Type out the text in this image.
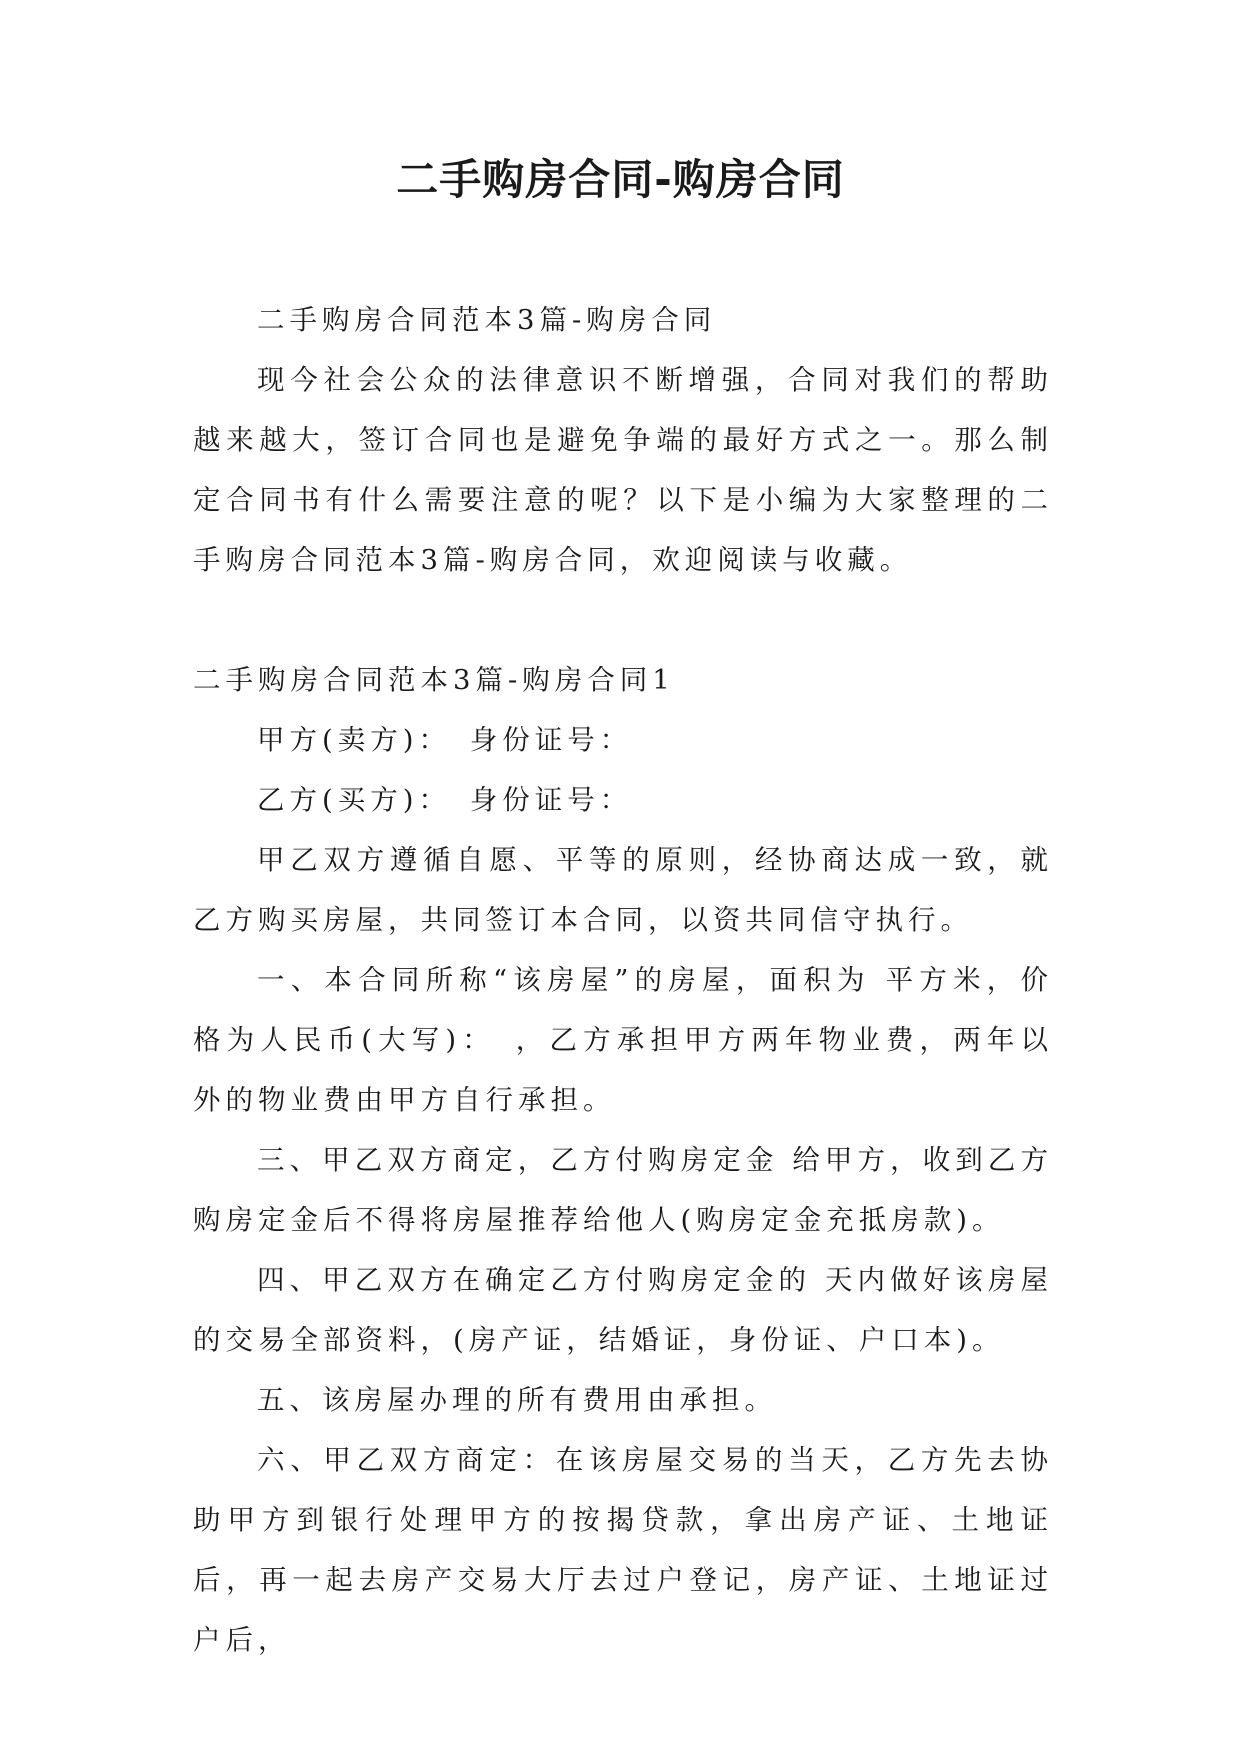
二手购房合同-购房合同

二手购房合同范本3篇-购房合同

现今社会公众的法律意识不断增强，合同对我们的帮助越来越大，签订合同也是避免争端的最好方式之一。那么制定合同书有什么需要注意的呢？以下是小编为大家整理的二手购房合同范本3篇-购房合同，欢迎阅读与收藏。

二手购房合同范本3篇-购房合同1

甲方(卖方)：　身份证号：

乙方(买方)：　身份证号：

甲乙双方遵循自愿、平等的原则，经协商达成一致，就乙方购买房屋，共同签订本合同，以资共同信守执行。

一、本合同所称“该房屋”的房屋，面积为 平方米，价格为人民币(大写)：　，乙方承担甲方两年物业费，两年以外的物业费由甲方自行承担。

三、甲乙双方商定，乙方付购房定金 给甲方，收到乙方购房定金后不得将房屋推荐给他人(购房定金充抵房款)。

四、甲乙双方在确定乙方付购房定金的 天内做好该房屋的交易全部资料，(房产证，结婚证，身份证、户口本)。

五、该房屋办理的所有费用由承担。

六、甲乙双方商定：在该房屋交易的当天，乙方先去协助甲方到银行处理甲方的按揭贷款，拿出房产证、土地证后，再一起去房产交易大厅去过户登记，房产证、土地证过户后，
